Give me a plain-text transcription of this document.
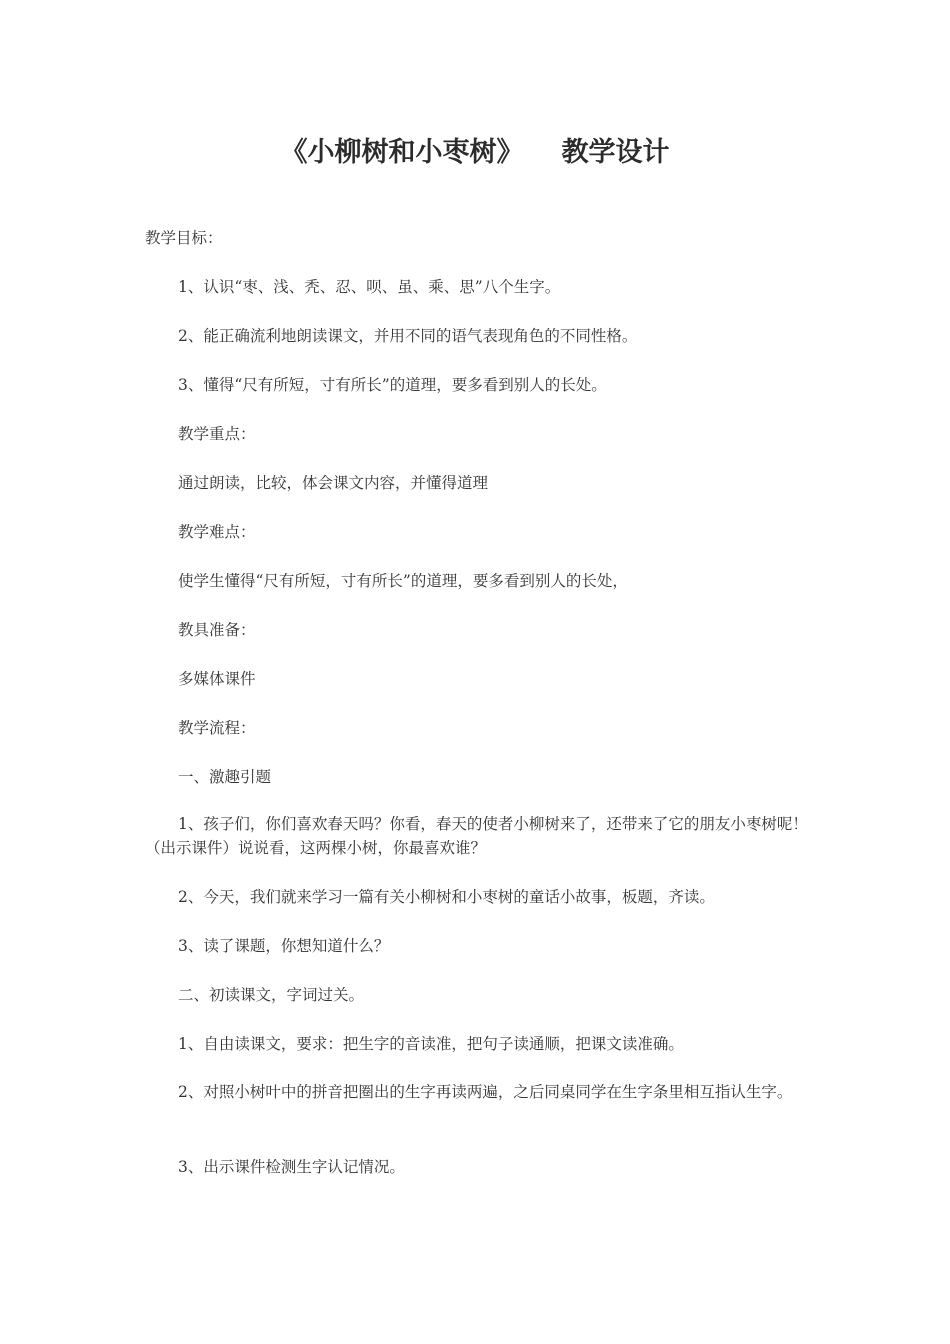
《小柳树和小枣树》 教学设计
教学目标：
1、认识“枣、浅、秃、忍、呗、虽、乘、思”八个生字。
2、能正确流利地朗读课文，并用不同的语气表现角色的不同性格。
3、懂得“尺有所短，寸有所长”的道理，要多看到别人的长处。
教学重点：
通过朗读，比较，体会课文内容，并懂得道理
教学难点：
使学生懂得“尺有所短，寸有所长”的道理，要多看到别人的长处，
教具准备：
多媒体课件
教学流程：
一、激趣引题
1、孩子们，你们喜欢春天吗？你看，春天的使者小柳树来了，还带来了它的朋友小枣树呢！（出示课件）说说看，这两棵小树，你最喜欢谁？
2、今天，我们就来学习一篇有关小柳树和小枣树的童话小故事，板题，齐读。
3、读了课题，你想知道什么？
二、初读课文，字词过关。
1、自由读课文，要求：把生字的音读准，把句子读通顺，把课文读准确。
2、对照小树叶中的拼音把圈出的生字再读两遍，之后同桌同学在生字条里相互指认生字。
3、出示课件检测生字认记情况。
